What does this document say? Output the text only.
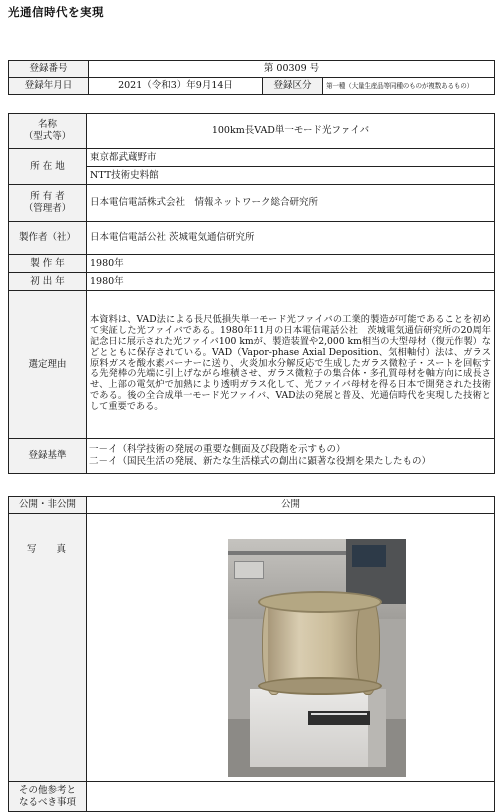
光通信時代を実現
登録番号	第 00309 号		
登録年月日	2021（令和3）年9月14日	登録区分	第一種（大量生産品等同種のものが複数あるもの）
名称
（型式等）	100km長VAD単一モード光ファイバ
所 在 地	東京都武蔵野市
	NTT技術史料館
所 有 者
（管理者）	日本電信電話株式会社　情報ネットワーク総合研究所
製作者（社）	日本電信電話公社 茨城電気通信研究所
製 作 年	1980年
初 出 年	1980年
選定理由	本資料は、VAD法による長尺低損失単一モード光ファイバの工業的製造が可能であることを初めて実証した光ファイバである。1980年11月の日本電信電話公社　茨城電気通信研究所の20周年記念日に展示された光ファイバ100 kmが、製造装置や2,000 km相当の大型母材（復元作製）などとともに保存されている。VAD（Vapor-phase Axial Deposition、気相軸付）法は、ガラス原料ガスを酸水素バーナーに送り、火炎加水分解反応で生成したガラス微粒子・スートを回転する先発棒の先端に引上げながら堆積させ、ガラス微粒子の集合体・多孔質母材を軸方向に成長させ、上部の電気炉で加熱により透明ガラス化して、光ファイバ母材を得る日本で開発された技術である。後の全合成単一モード光ファイバ、VAD法の発展と普及、光通信時代を実現した技術として重要である。
登録基準	一－イ（科学技術の発展の重要な側面及び段階を示すもの）
二－イ（国民生活の発展、新たな生活様式の創出に顕著な役割を果たしたもの）
公開・非公開	公開
写真	

その他参考と
なるべき事項	
